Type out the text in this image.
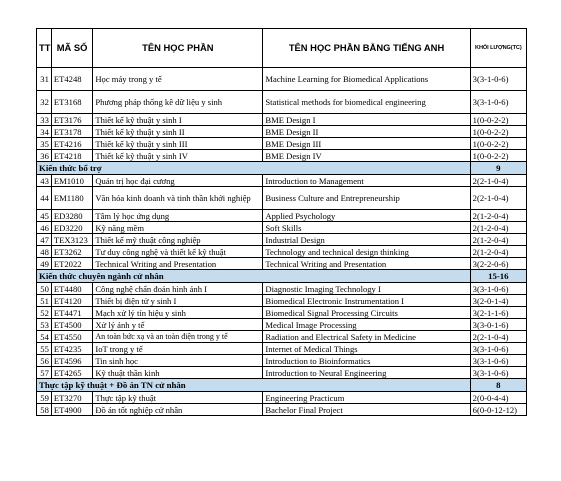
TT	MÃ SỐ	TÊN HỌC PHẦN	TÊN HỌC PHẦN BẰNG TIẾNG ANH	KHỐI LƯỢNG(TC)
31	ET4248	Học máy trong y tế	Machine Learning for Biomedical Applications	3(3-1-0-6)
32	ET3168	Phương pháp thống kê dữ liệu y sinh	Statistical methods for biomedical engineering	3(3-1-0-6)
33	ET3176	Thiết kế kỹ thuật y sinh I	BME Design I	1(0-0-2-2)
34	ET3178	Thiết kế kỹ thuật y sinh II	BME Design II	1(0-0-2-2)
35	ET4216	Thiết kế kỹ thuật y sinh III	BME Design III	1(0-0-2-2)
36	ET4218	Thiết kế kỹ thuật y sinh IV	BME Design IV	1(0-0-2-2)
Kiến thức bổ trợ				9
43	EM1010	Quản trị học đại cương	Introduction to Management	2(2-1-0-4)
44	EM1180	Văn hóa kinh doanh và tinh thần khởi nghiệp	Business Culture and Entrepreneurship	2(2-1-0-4)
45	ED3280	Tâm lý học ứng dụng	Applied Psychology	2(1-2-0-4)
46	ED3220	Kỹ năng mềm	Soft Skills	2(1-2-0-4)
47	TEX3123	Thiết kế mỹ thuật công nghiệp	Industrial Design	2(1-2-0-4)
48	ET3262	Tư duy công nghệ và thiết kế kỹ thuật	Technology and technical design thinking	2(1-2-0-4)
49	ET2022	Technical Writing and Presentation	Technical Writing and Presentation	3(2-2-0-6)
Kiến thức chuyên ngành cử nhân				15-16
50	ET4480	Công nghệ chẩn đoán hình ảnh I	Diagnostic Imaging Technology I	3(3-1-0-6)
51	ET4120	Thiết bị điện tử y sinh I	Biomedical Electronic Instrumentation I	3(2-0-1-4)
52	ET4471	Mạch xử lý tín hiệu y sinh	Biomedical Signal Processing Circuits	3(2-1-1-6)
53	ET4500	Xử lý ảnh y tế	Medical Image Processing	3(3-0-1-6)
54	ET4550	An toàn bức xạ và an toàn điện trong y tế	Radiation and Electrical Safety in Medicine	2(2-1-0-4)
55	ET4235	IoT trong y tế	Internet of Medical Things	3(3-1-0-6)
56	ET4596	Tin sinh học	Introduction to Bioinformatics	3(3-1-0-6)
57	ET4265	Kỹ thuật thần kinh	Introduction to Neural Engineering	3(3-1-0-6)
Thực tập kỹ thuật + Đồ án TN cử nhân				8
59	ET3270	Thực tập kỹ thuật	Engineering Practicum	2(0-0-4-4)
58	ET4900	Đồ án tốt nghiệp cử nhân	Bachelor Final Project	6(0-0-12-12)
